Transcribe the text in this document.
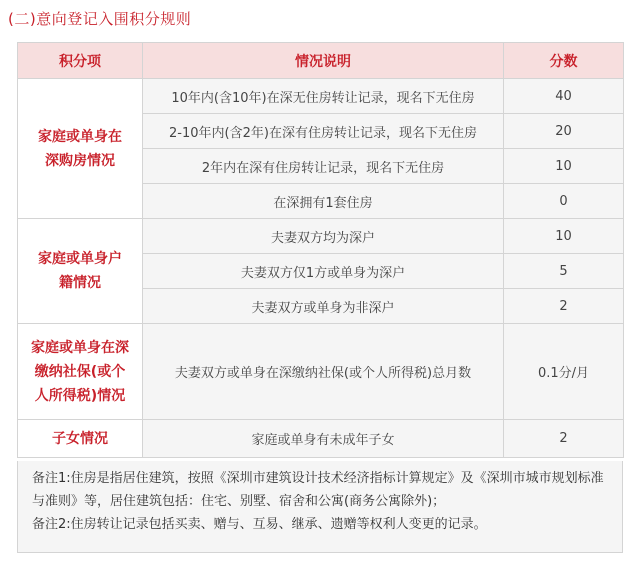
(二)意向登记入围积分规则
积分项	情况说明	分数
家庭或单身在深购房情况	10年内(含10年)在深无住房转让记录，现名下无住房	40
	2-10年内(含2年)在深有住房转让记录，现名下无住房	20
	2年内在深有住房转让记录，现名下无住房	10
	在深拥有1套住房	0
家庭或单身户籍情况	夫妻双方均为深户	10
	夫妻双方仅1方或单身为深户	5
	夫妻双方或单身为非深户	2
家庭或单身在深缴纳社保(或个人所得税)情况	夫妻双方或单身在深缴纳社保(或个人所得税)总月数	0.1分/月
子女情况	家庭或单身有未成年子女	2

备注1:住房是指居住建筑，按照《深圳市建筑设计技术经济指标计算规定》及《深圳市城市规划标准与准则》等，居住建筑包括：住宅、别墅、宿舍和公寓(商务公寓除外)；

备注2:住房转让记录包括买卖、赠与、互易、继承、遗赠等权利人变更的记录。
